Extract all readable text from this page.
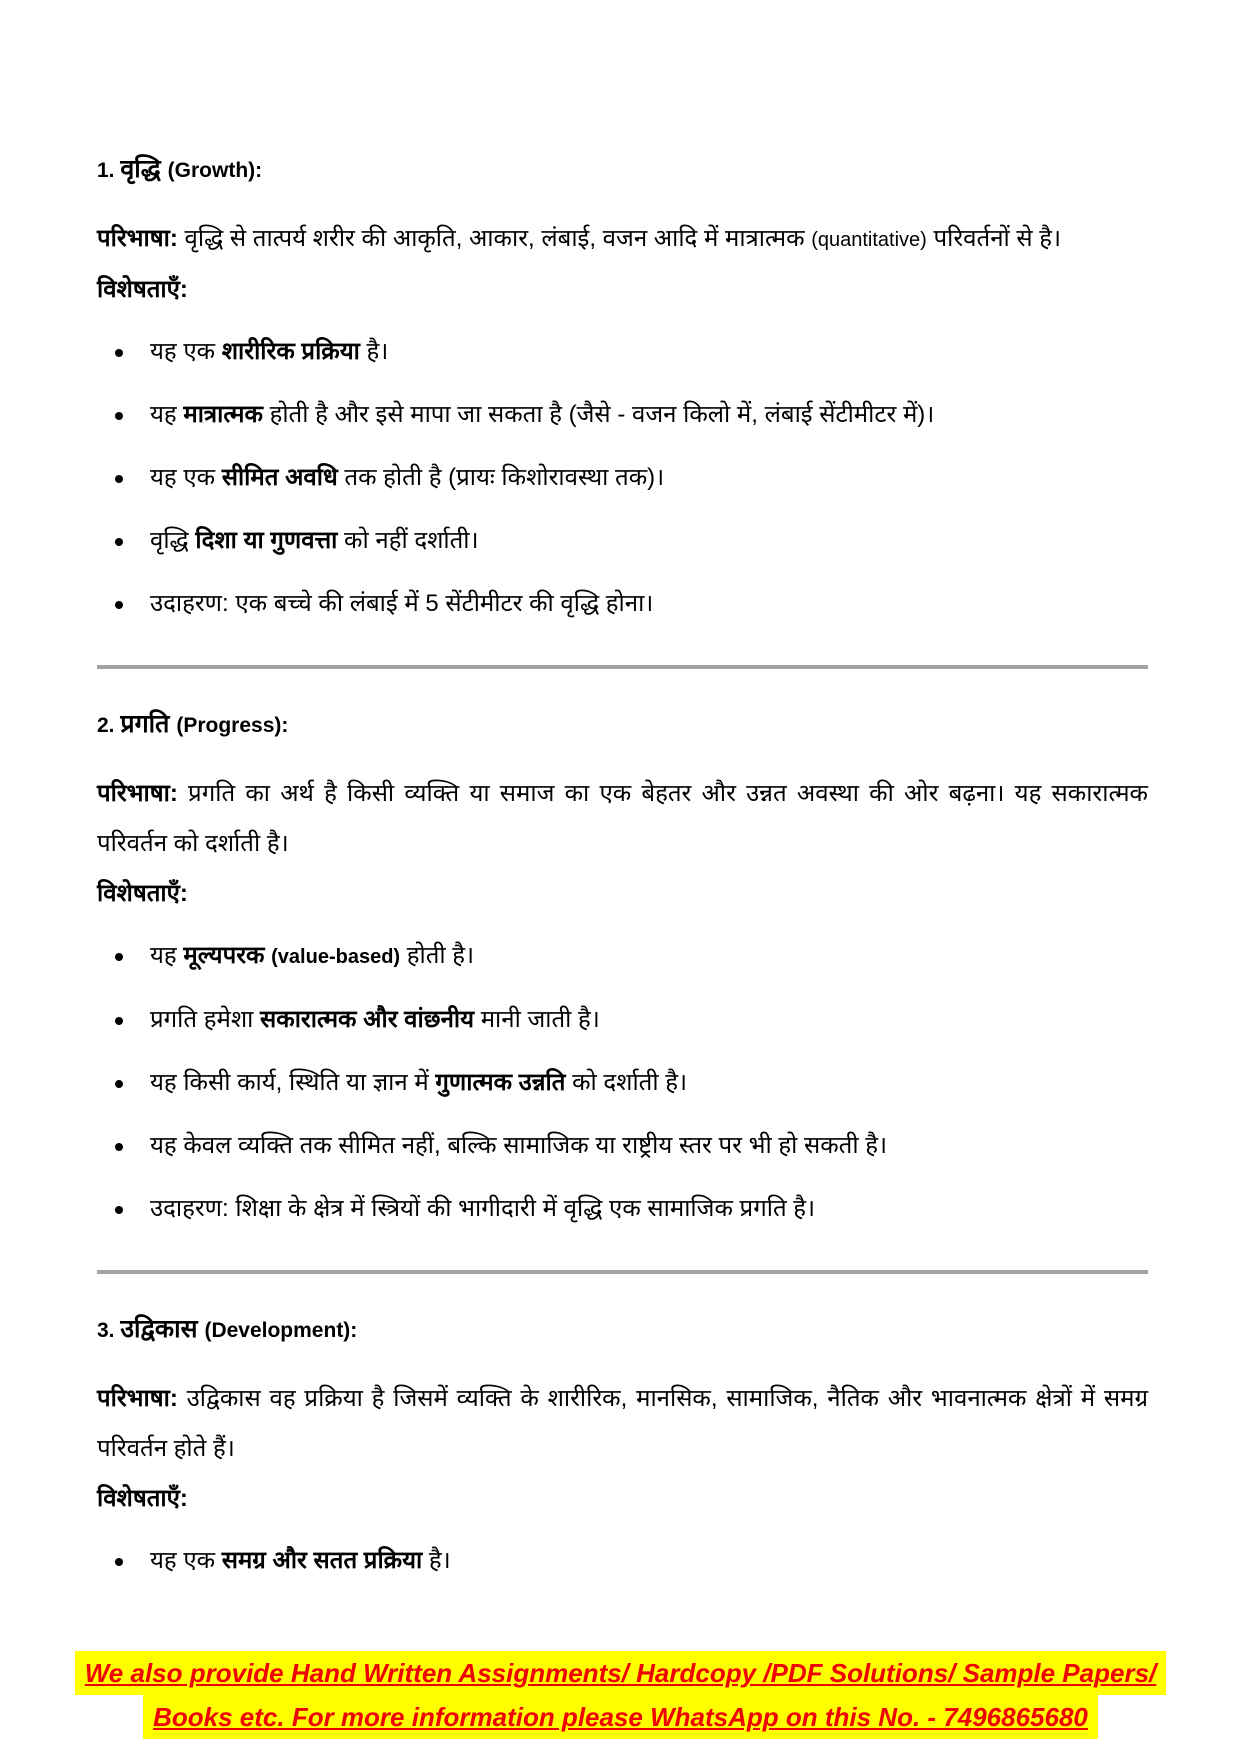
1. वृद्धि (Growth):

परिभाषा: वृद्धि से तात्पर्य शरीर की आकृति, आकार, लंबाई, वजन आदि में मात्रात्मक (quantitative) परिवर्तनों से है।

विशेषताएँ:

यह एक शारीरिक प्रक्रिया है।
यह मात्रात्मक होती है और इसे मापा जा सकता है (जैसे - वजन किलो में, लंबाई सेंटीमीटर में)।
यह एक सीमित अवधि तक होती है (प्रायः किशोरावस्था तक)।
वृद्धि दिशा या गुणवत्ता को नहीं दर्शाती।
उदाहरण: एक बच्चे की लंबाई में 5 सेंटीमीटर की वृद्धि होना।
2. प्रगति (Progress):

परिभाषा: प्रगति का अर्थ है किसी व्यक्ति या समाज का एक बेहतर और उन्नत अवस्था की ओर बढ़ना। यह सकारात्मक परिवर्तन को दर्शाती है।

विशेषताएँ:

यह मूल्यपरक (value-based) होती है।
प्रगति हमेशा सकारात्मक और वांछनीय मानी जाती है।
यह किसी कार्य, स्थिति या ज्ञान में गुणात्मक उन्नति को दर्शाती है।
यह केवल व्यक्ति तक सीमित नहीं, बल्कि सामाजिक या राष्ट्रीय स्तर पर भी हो सकती है।
उदाहरण: शिक्षा के क्षेत्र में स्त्रियों की भागीदारी में वृद्धि एक सामाजिक प्रगति है।
3. उद्विकास (Development):

परिभाषा: उद्विकास वह प्रक्रिया है जिसमें व्यक्ति के शारीरिक, मानसिक, सामाजिक, नैतिक और भावनात्मक क्षेत्रों में समग्र परिवर्तन होते हैं।

विशेषताएँ:

यह एक समग्र और सतत प्रक्रिया है।
We also provide Hand Written Assignments/ Hardcopy /PDF Solutions/ Sample Papers/
Books etc. For more information please WhatsApp on this No. - 7496865680
